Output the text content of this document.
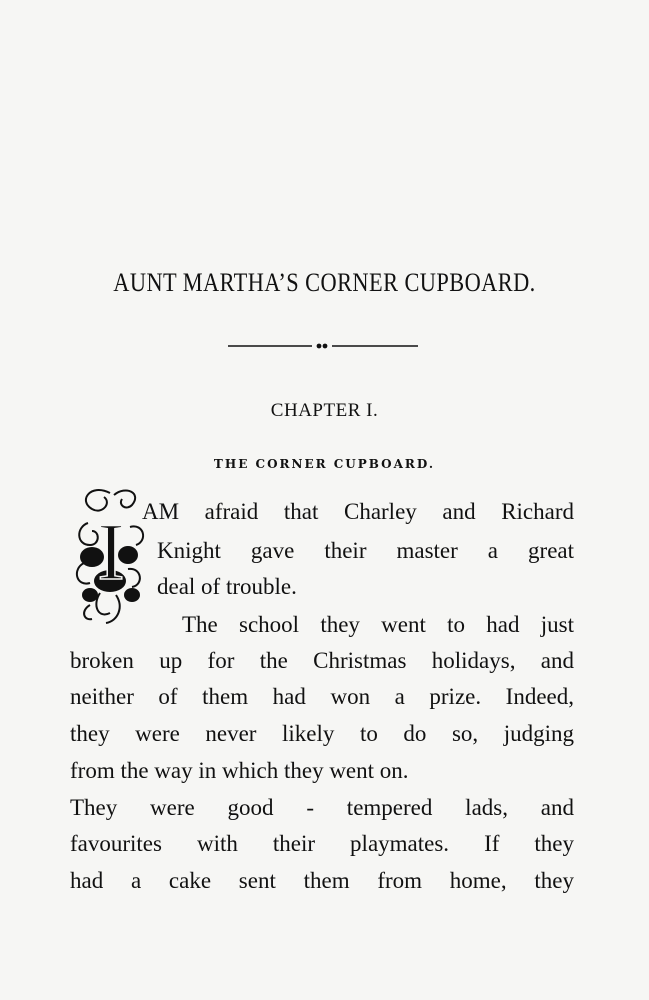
AUNT MARTHA’S CORNER CUPBOARD.
CHAPTER I.
THE CORNER CUPBOARD.
I AM afraid that Charley and Richard
Knight gave their master a great
deal of trouble.
The school they went to had just
broken up for the Christmas holidays, and
neither of them had won a prize. Indeed,
they were never likely to do so, judging
from the way in which they went on.
They were good - tempered lads, and
favourites with their playmates. If they
had a cake sent them from home, they
